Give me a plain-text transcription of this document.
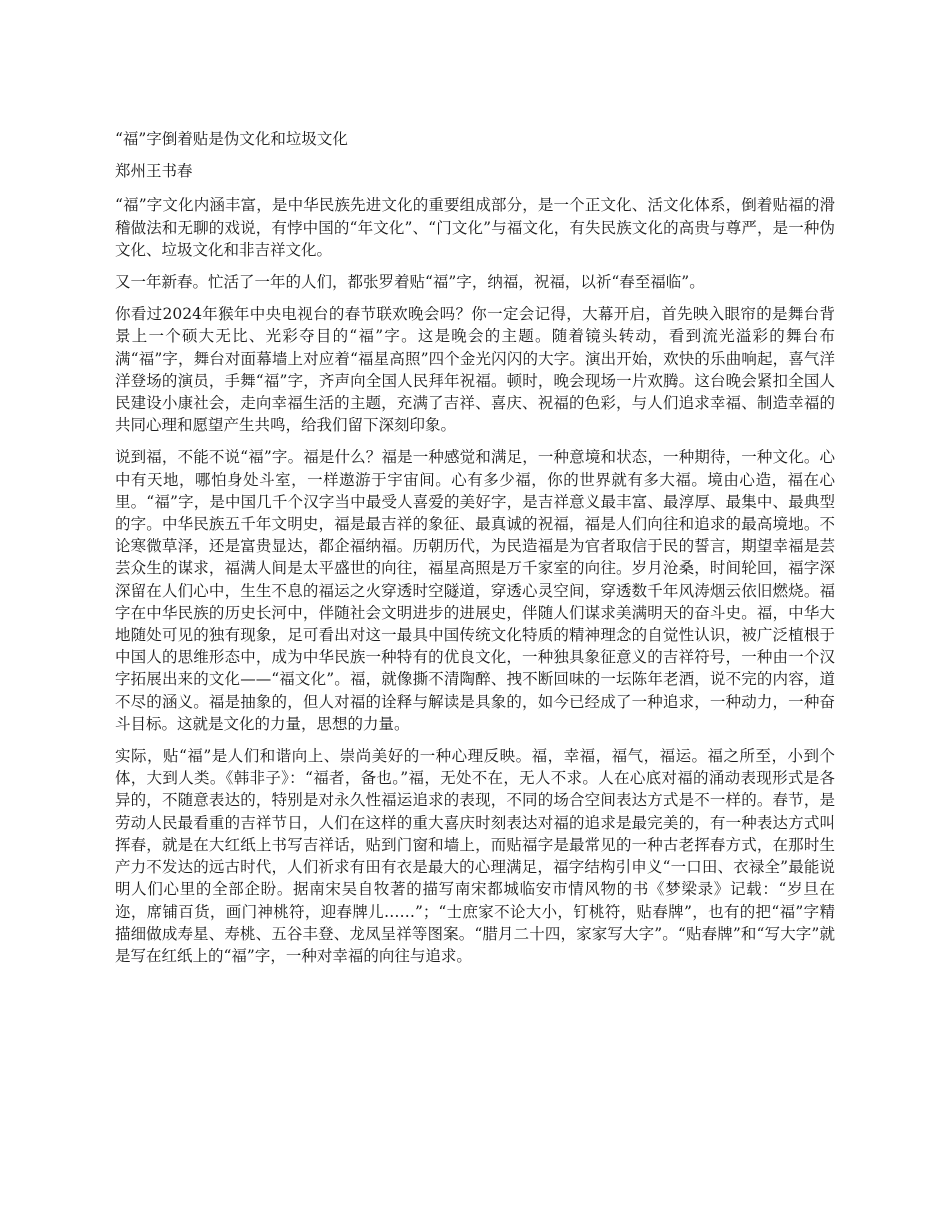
“福”字倒着贴是伪文化和垃圾文化

郑州王书春

“福”字文化内涵丰富，是中华民族先进文化的重要组成部分，是一个正文化、活文化体系，倒着贴福的滑稽做法和无聊的戏说，有悖中国的“年文化”、“门文化”与福文化，有失民族文化的高贵与尊严，是一种伪文化、垃圾文化和非吉祥文化。

又一年新春。忙活了一年的人们，都张罗着贴“福”字，纳福，祝福，以祈“春至福临”。

你看过2024年猴年中央电视台的春节联欢晚会吗？你一定会记得，大幕开启，首先映入眼帘的是舞台背景上一个硕大无比、光彩夺目的“福”字。这是晚会的主题。随着镜头转动，看到流光溢彩的舞台布满“福”字，舞台对面幕墙上对应着“福星高照”四个金光闪闪的大字。演出开始，欢快的乐曲响起，喜气洋洋登场的演员，手舞“福”字，齐声向全国人民拜年祝福。顿时，晚会现场一片欢腾。这台晚会紧扣全国人民建设小康社会，走向幸福生活的主题，充满了吉祥、喜庆、祝福的色彩，与人们追求幸福、制造幸福的共同心理和愿望产生共鸣，给我们留下深刻印象。

说到福，不能不说“福”字。福是什么？福是一种感觉和满足，一种意境和状态，一种期待，一种文化。心中有天地，哪怕身处斗室，一样遨游于宇宙间。心有多少福，你的世界就有多大福。境由心造，福在心里。“福”字，是中国几千个汉字当中最受人喜爱的美好字，是吉祥意义最丰富、最淳厚、最集中、最典型的字。中华民族五千年文明史，福是最吉祥的象征、最真诚的祝福，福是人们向往和追求的最高境地。不论寒微草泽，还是富贵显达，都企福纳福。历朝历代，为民造福是为官者取信于民的誓言，期望幸福是芸芸众生的谋求，福满人间是太平盛世的向往，福星高照是万千家室的向往。岁月沧桑，时间轮回，福字深深留在人们心中，生生不息的福运之火穿透时空隧道，穿透心灵空间，穿透数千年风涛烟云依旧燃烧。福字在中华民族的历史长河中，伴随社会文明进步的进展史，伴随人们谋求美满明天的奋斗史。福，中华大地随处可见的独有现象，足可看出对这一最具中国传统文化特质的精神理念的自觉性认识，被广泛植根于中国人的思维形态中，成为中华民族一种特有的优良文化，一种独具象征意义的吉祥符号，一种由一个汉字拓展出来的文化——“福文化”。福，就像撕不清陶醉、拽不断回味的一坛陈年老酒，说不完的内容，道不尽的涵义。福是抽象的，但人对福的诠释与解读是具象的，如今已经成了一种追求，一种动力，一种奋斗目标。这就是文化的力量，思想的力量。

实际，贴“福”是人们和谐向上、崇尚美好的一种心理反映。福，幸福，福气，福运。福之所至，小到个体，大到人类。《韩非子》：“福者，备也。”福，无处不在，无人不求。人在心底对福的涌动表现形式是各异的，不随意表达的，特别是对永久性福运追求的表现，不同的场合空间表达方式是不一样的。春节，是劳动人民最看重的吉祥节日，人们在这样的重大喜庆时刻表达对福的追求是最完美的，有一种表达方式叫挥春，就是在大红纸上书写吉祥话，贴到门窗和墙上，而贴福字是最常见的一种古老挥春方式，在那时生产力不发达的远古时代，人们祈求有田有衣是最大的心理满足，福字结构引申义“一口田、衣禄全”最能说明人们心里的全部企盼。据南宋吴自牧著的描写南宋都城临安市情风物的书《梦梁录》记载：“岁旦在迩，席铺百货，画门神桃符，迎春牌儿……”；“士庶家不论大小，钉桃符，贴春牌”，也有的把“福”字精描细做成寿星、寿桃、五谷丰登、龙凤呈祥等图案。“腊月二十四，家家写大字”。“贴春牌”和“写大字”就是写在红纸上的“福”字，一种对幸福的向往与追求。
